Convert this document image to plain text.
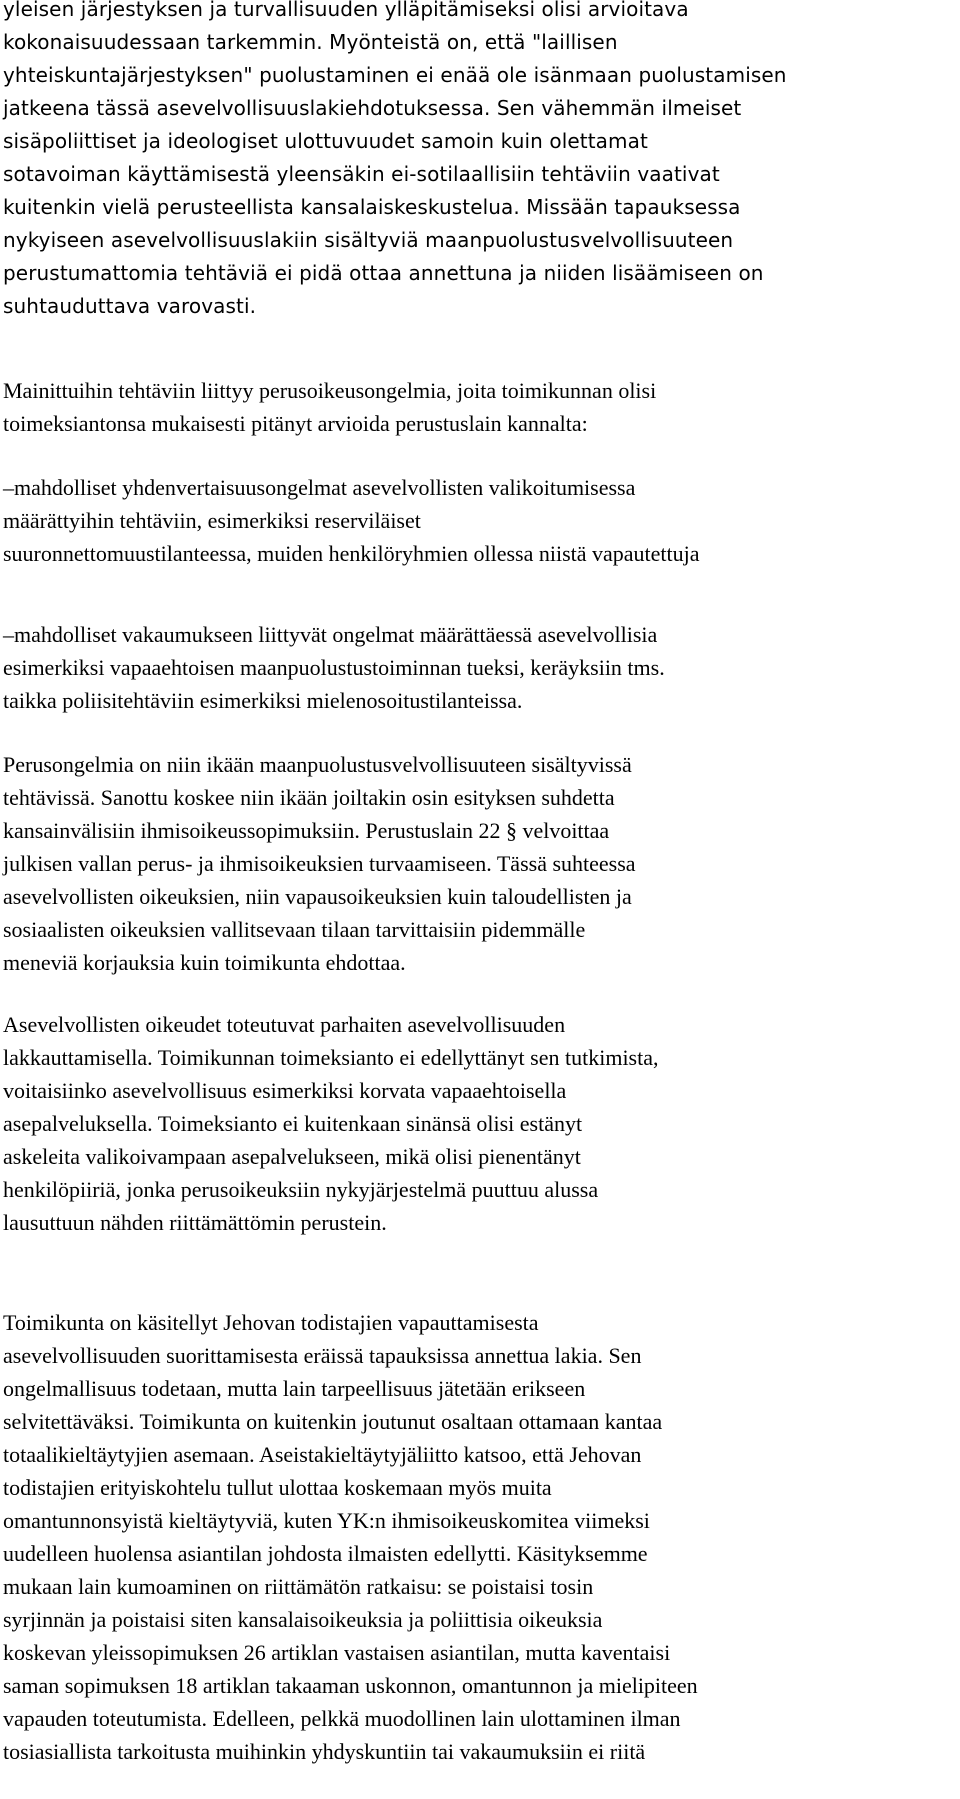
yleisen järjestyksen ja turvallisuuden ylläpitämiseksi olisi arvioitava
kokonaisuudessaan tarkemmin. Myönteistä on, että "laillisen
yhteiskuntajärjestyksen" puolustaminen ei enää ole isänmaan puolustamisen
jatkeena tässä asevelvollisuuslakiehdotuksessa. Sen vähemmän ilmeiset
sisäpoliittiset ja ideologiset ulottuvuudet samoin kuin olettamat
sotavoiman käyttämisestä yleensäkin ei-sotilaallisiin tehtäviin vaativat
kuitenkin vielä perusteellista kansalaiskeskustelua. Missään tapauksessa
nykyiseen asevelvollisuuslakiin sisältyviä maanpuolustusvelvollisuuteen
perustumattomia tehtäviä ei pidä ottaa annettuna ja niiden lisäämiseen on
suhtauduttava varovasti.
Mainittuihin tehtäviin liittyy perusoikeusongelmia, joita toimikunnan olisi
toimeksiantonsa mukaisesti pitänyt arvioida perustuslain kannalta:
–mahdolliset yhdenvertaisuusongelmat asevelvollisten valikoitumisessa
määrättyihin tehtäviin, esimerkiksi reserviläiset
suuronnettomuustilanteessa, muiden henkilöryhmien ollessa niistä vapautettuja
–mahdolliset vakaumukseen liittyvät ongelmat määrättäessä asevelvollisia
esimerkiksi vapaaehtoisen maanpuolustustoiminnan tueksi, keräyksiin tms.
taikka poliisitehtäviin esimerkiksi mielenosoitustilanteissa.
Perusongelmia on niin ikään maanpuolustusvelvollisuuteen sisältyvissä
tehtävissä. Sanottu koskee niin ikään joiltakin osin esityksen suhdetta
kansainvälisiin ihmisoikeussopimuksiin. Perustuslain 22 § velvoittaa
julkisen vallan perus- ja ihmisoikeuksien turvaamiseen. Tässä suhteessa
asevelvollisten oikeuksien, niin vapausoikeuksien kuin taloudellisten ja
sosiaalisten oikeuksien vallitsevaan tilaan tarvittaisiin pidemmälle
meneviä korjauksia kuin toimikunta ehdottaa.
Asevelvollisten oikeudet toteutuvat parhaiten asevelvollisuuden
lakkauttamisella. Toimikunnan toimeksianto ei edellyttänyt sen tutkimista,
voitaisiinko asevelvollisuus esimerkiksi korvata vapaaehtoisella
asepalveluksella. Toimeksianto ei kuitenkaan sinänsä olisi estänyt
askeleita valikoivampaan asepalvelukseen, mikä olisi pienentänyt
henkilöpiiriä, jonka perusoikeuksiin nykyjärjestelmä puuttuu alussa
lausuttuun nähden riittämättömin perustein.
Toimikunta on käsitellyt Jehovan todistajien vapauttamisesta
asevelvollisuuden suorittamisesta eräissä tapauksissa annettua lakia. Sen
ongelmallisuus todetaan, mutta lain tarpeellisuus jätetään erikseen
selvitettäväksi. Toimikunta on kuitenkin joutunut osaltaan ottamaan kantaa
totaalikieltäytyjien asemaan. Aseistakieltäytyjäliitto katsoo, että Jehovan
todistajien erityiskohtelu tullut ulottaa koskemaan myös muita
omantunnonsyistä kieltäytyviä, kuten YK:n ihmisoikeuskomitea viimeksi
uudelleen huolensa asiantilan johdosta ilmaisten edellytti. Käsityksemme
mukaan lain kumoaminen on riittämätön ratkaisu: se poistaisi tosin
syrjinnän ja poistaisi siten kansalaisoikeuksia ja poliittisia oikeuksia
koskevan yleissopimuksen 26 artiklan vastaisen asiantilan, mutta kaventaisi
saman sopimuksen 18 artiklan takaaman uskonnon, omantunnon ja mielipiteen
vapauden toteutumista. Edelleen, pelkkä muodollinen lain ulottaminen ilman
tosiasiallista tarkoitusta muihinkin yhdyskuntiin tai vakaumuksiin ei riitä
